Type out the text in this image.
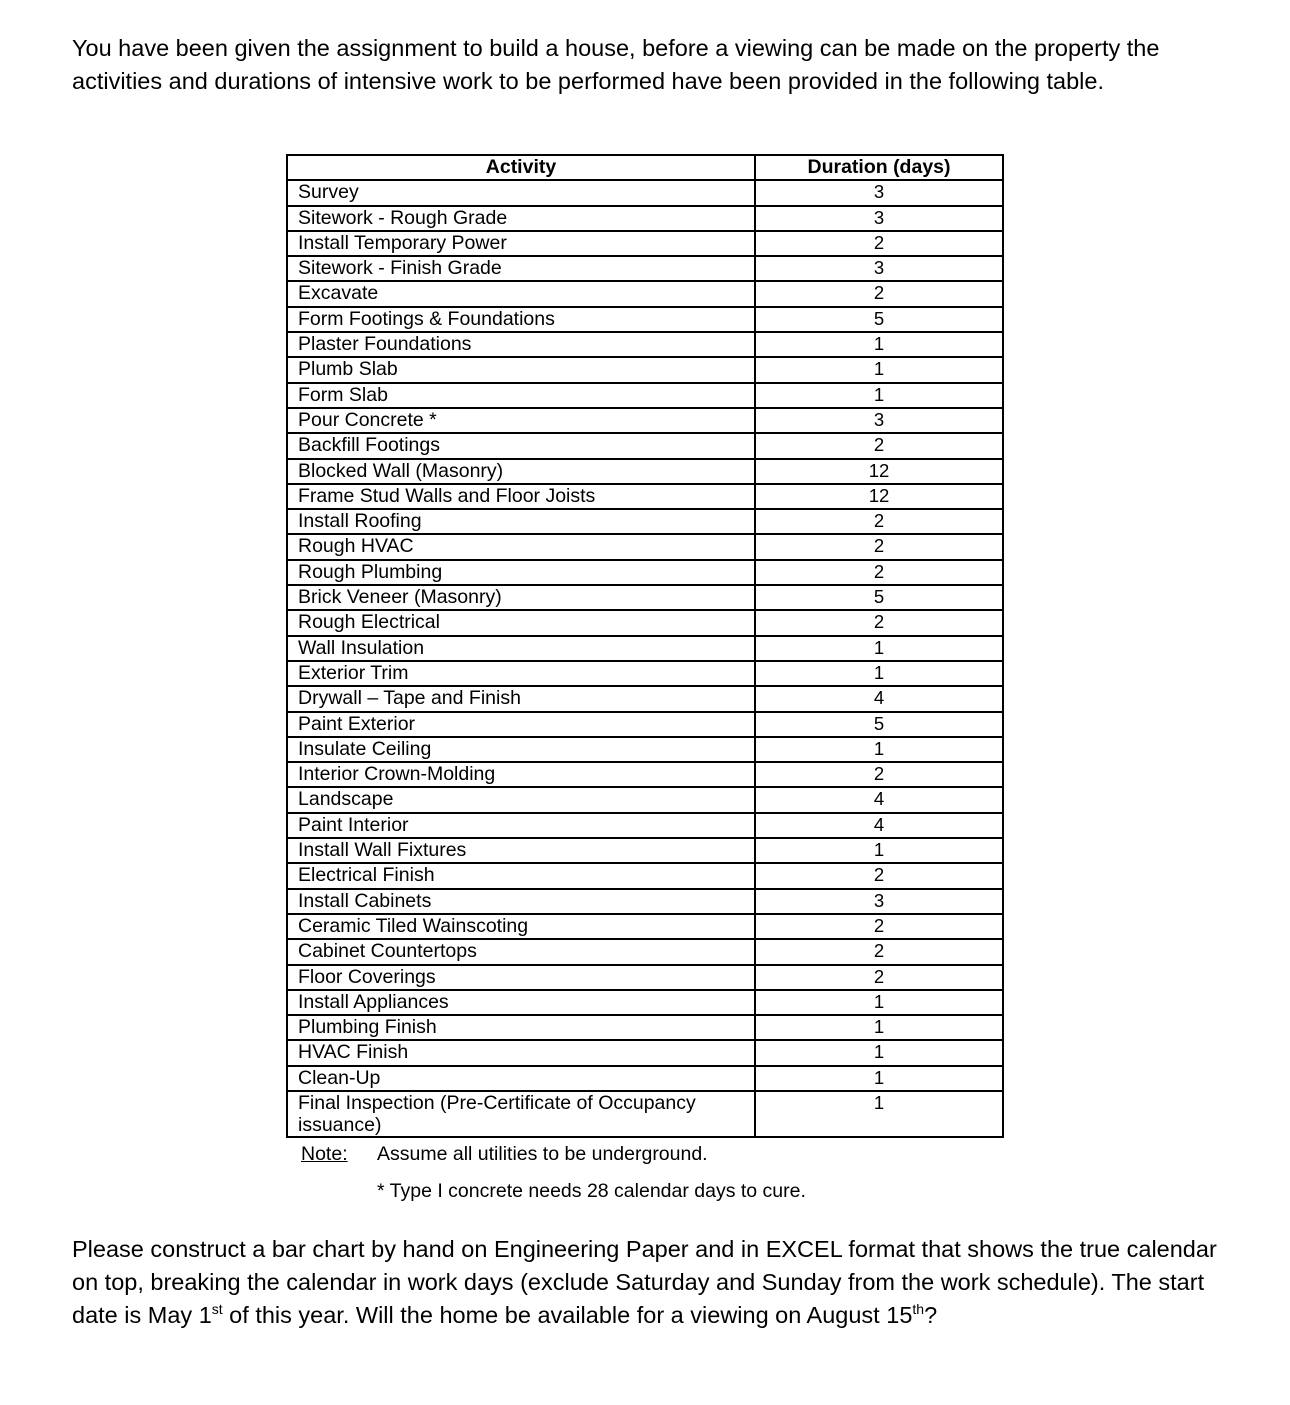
You have been given the assignment to build a house, before a viewing can be made on the property the activities and durations of intensive work to be performed have been provided in the following table.

Activity	Duration (days)
Survey	3
Sitework - Rough Grade	3
Install Temporary Power	2
Sitework - Finish Grade	3
Excavate	2
Form Footings & Foundations	5
Plaster Foundations	1
Plumb Slab	1
Form Slab	1
Pour Concrete *	3
Backfill Footings	2
Blocked Wall (Masonry)	12
Frame Stud Walls and Floor Joists	12
Install Roofing	2
Rough HVAC	2
Rough Plumbing	2
Brick Veneer (Masonry)	5
Rough Electrical	2
Wall Insulation	1
Exterior Trim	1
Drywall – Tape and Finish	4
Paint Exterior	5
Insulate Ceiling	1
Interior Crown-Molding	2
Landscape	4
Paint Interior	4
Install Wall Fixtures	1
Electrical Finish	2
Install Cabinets	3
Ceramic Tiled Wainscoting	2
Cabinet Countertops	2
Floor Coverings	2
Install Appliances	1
Plumbing Finish	1
HVAC Finish	1
Clean-Up	1
Final Inspection (Pre-Certificate of Occupancy issuance)	1
Note: Assume all utilities to be underground.
* Type I concrete needs 28 calendar days to cure.

Please construct a bar chart by hand on Engineering Paper and in EXCEL format that shows the true calendar on top, breaking the calendar in work days (exclude Saturday and Sunday from the work schedule). The start date is May 1st of this year. Will the home be available for a viewing on August 15th?
